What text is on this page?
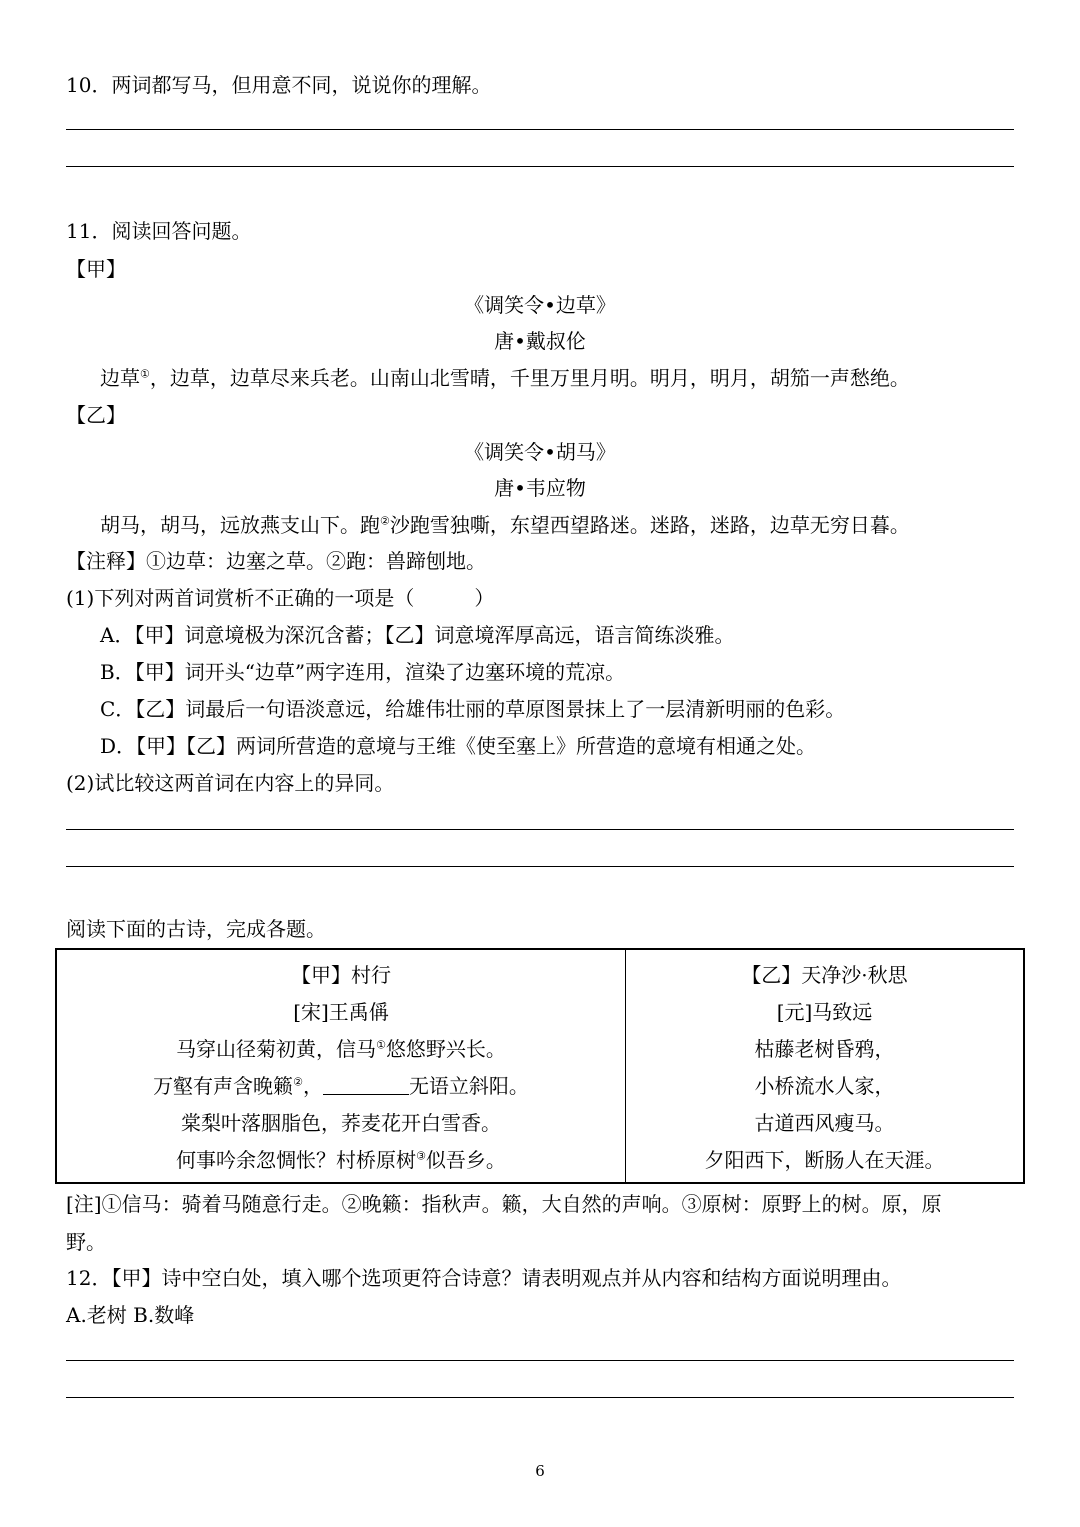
10．两词都写马，但用意不同，说说你的理解。
11．阅读回答问题。
【甲】
《调笑令•边草》
唐•戴叔伦
边草①，边草，边草尽来兵老。山南山北雪晴，千里万里月明。明月，明月，胡笳一声愁绝。
【乙】
《调笑令•胡马》
唐•韦应物
胡马，胡马，远放燕支山下。跑②沙跑雪独嘶，东望西望路迷。迷路，迷路，边草无穷日暮。
【注释】①边草：边塞之草。②跑：兽蹄刨地。
(1)下列对两首词赏析不正确的一项是（　　　）
A．【甲】词意境极为深沉含蓄；【乙】词意境浑厚高远，语言简练淡雅。
B．【甲】词开头“边草”两字连用，渲染了边塞环境的荒凉。
C．【乙】词最后一句语淡意远，给雄伟壮丽的草原图景抹上了一层清新明丽的色彩。
D．【甲】【乙】两词所营造的意境与王维《使至塞上》所营造的意境有相通之处。
(2)试比较这两首词在内容上的异同。
阅读下面的古诗，完成各题。
【甲】村行
[宋]王禹偁
马穿山径菊初黄，信马①悠悠野兴长。
万壑有声含晚籁②，	无语立斜阳。
棠梨叶落胭脂色，荞麦花开白雪香。
何事吟余忽惆怅？村桥原树③似吾乡。
【乙】天净沙·秋思
[元]马致远
枯藤老树昏鸦，
小桥流水人家，
古道西风瘦马。
夕阳西下，断肠人在天涯。
[注]①信马：骑着马随意行走。②晚籁：指秋声。籁，大自然的声响。③原树：原野上的树。原，原
野。
12．【甲】诗中空白处，填入哪个选项更符合诗意？请表明观点并从内容和结构方面说明理由。
A.老树 B.数峰
6
